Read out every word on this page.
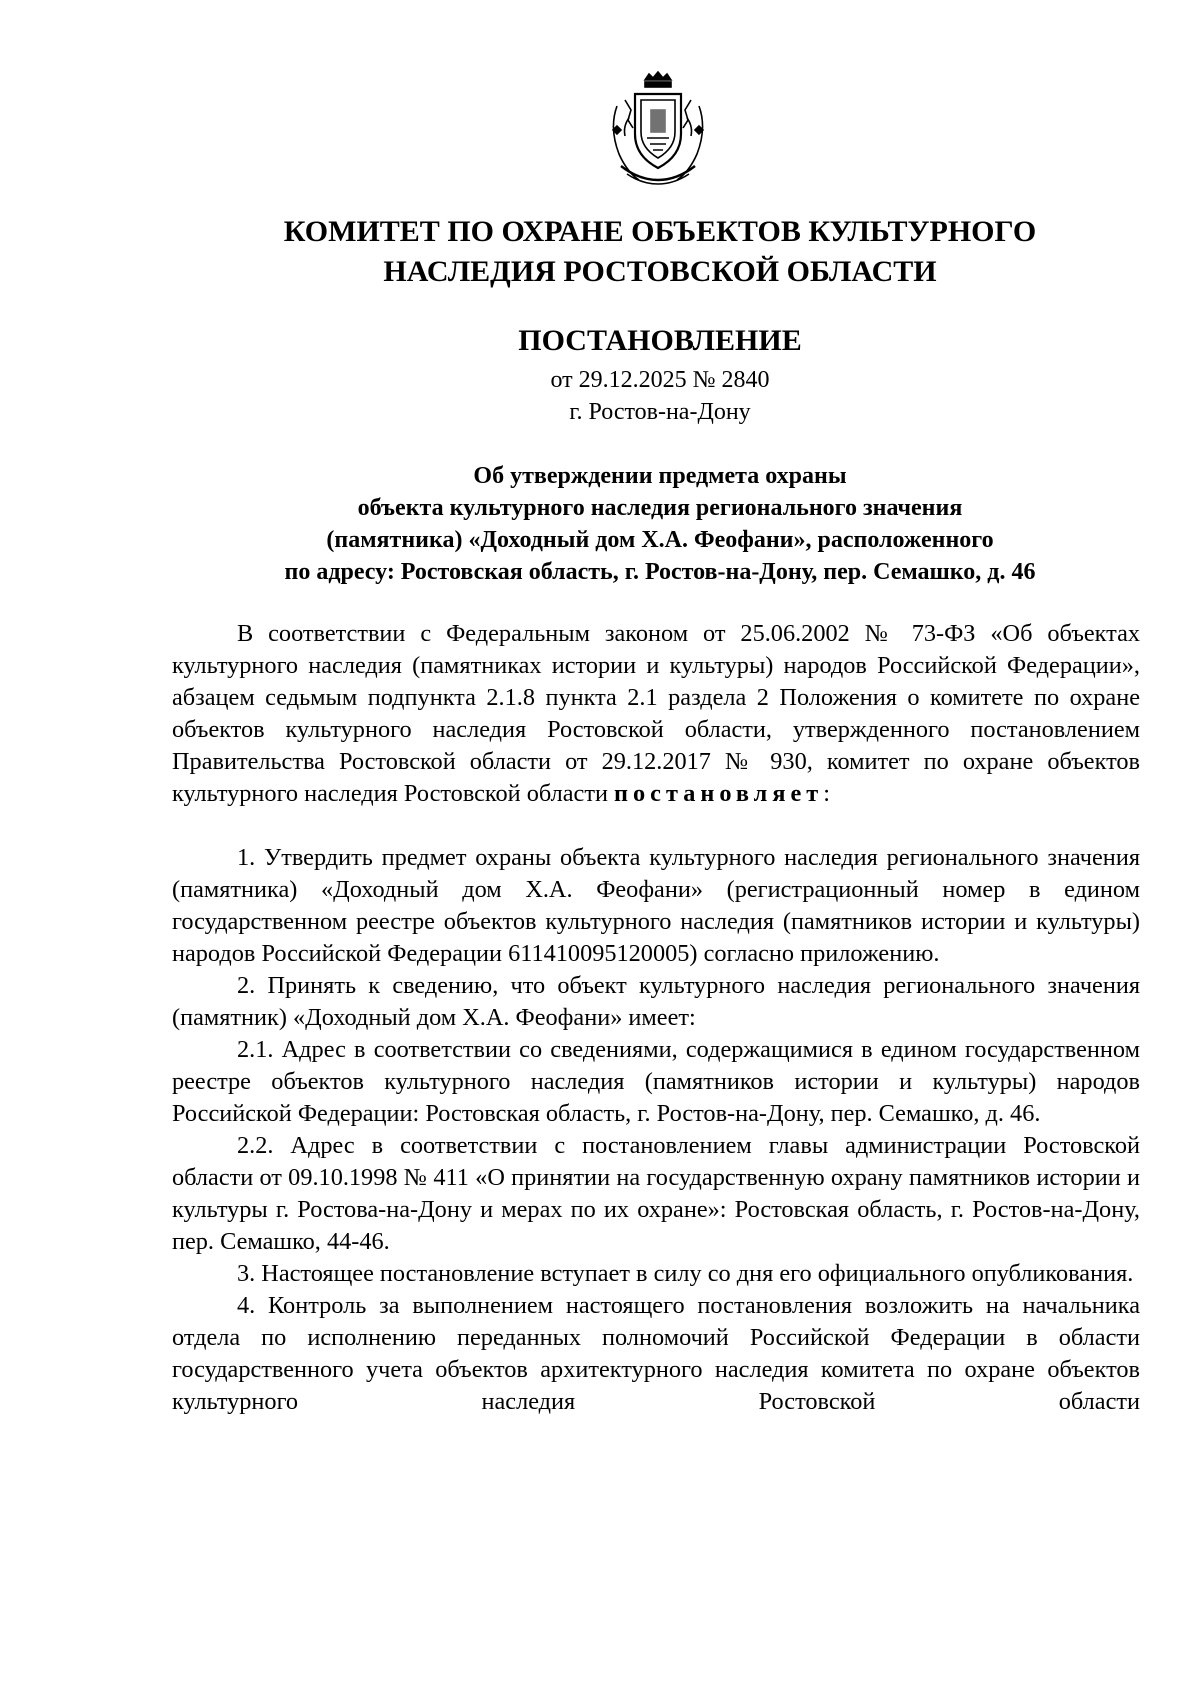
КОМИТЕТ ПО ОХРАНЕ ОБЪЕКТОВ КУЛЬТУРНОГО
НАСЛЕДИЯ РОСТОВСКОЙ ОБЛАСТИ
ПОСТАНОВЛЕНИЕ
от 29.12.2025 № 2840
г. Ростов-на-Дону
Об утверждении предмета охраны
объекта культурного наследия регионального значения
(памятника) «Доходный дом Х.А. Феофани», расположенного
по адресу: Ростовская область, г. Ростов-на-Дону, пер. Семашко, д. 46

В соответствии с Федеральным законом от 25.06.2002 № 73-ФЗ «Об объектах культурного наследия (памятниках истории и культуры) народов Российской Федерации», абзацем седьмым подпункта 2.1.8 пункта 2.1 раздела 2 Положения о комитете по охране объектов культурного наследия Ростовской области, утвержденного постановлением Правительства Ростовской области от 29.12.2017 № 930, комитет по охране объектов культурного наследия Ростовской области постановляет:

1. Утвердить предмет охраны объекта культурного наследия регионального значения (памятника) «Доходный дом Х.А. Феофани» (регистрационный номер в едином государственном реестре объектов культурного наследия (памятников истории и культуры) народов Российской Федерации 611410095120005) согласно приложению.

2. Принять к сведению, что объект культурного наследия регионального значения (памятник) «Доходный дом Х.А. Феофани» имеет:

2.1. Адрес в соответствии со сведениями, содержащимися в едином государственном реестре объектов культурного наследия (памятников истории и культуры) народов Российской Федерации: Ростовская область, г. Ростов-на-Дону, пер. Семашко, д. 46.

2.2. Адрес в соответствии с постановлением главы администрации Ростовской области от 09.10.1998 № 411 «О принятии на государственную охрану памятников истории и культуры г. Ростова-на-Дону и мерах по их охране»: Ростовская область, г. Ростов-на-Дону, пер. Семашко, 44-46.

3. Настоящее постановление вступает в силу со дня его официального опубликования.

4. Контроль за выполнением настоящего постановления возложить на начальника отдела по исполнению переданных полномочий Российской Федерации в области государственного учета объектов архитектурного наследия комитета по охране объектов культурного наследия Ростовской области
